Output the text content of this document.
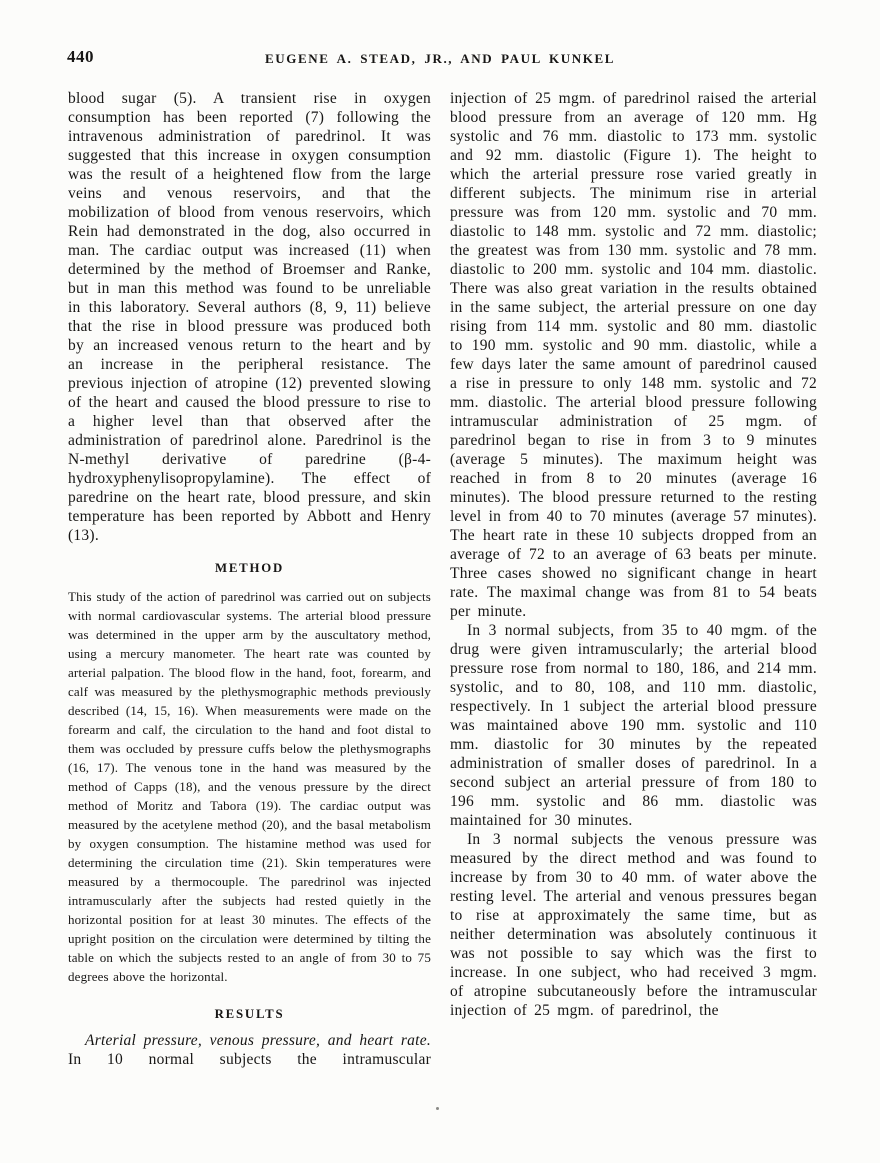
440	EUGENE A. STEAD, JR., AND PAUL KUNKEL

blood sugar (5). A transient rise in oxygen consumption has been reported (7) following the intravenous administration of paredrinol. It was suggested that this increase in oxygen consumption was the result of a heightened flow from the large veins and venous reservoirs, and that the mobilization of blood from venous reservoirs, which Rein had demonstrated in the dog, also occurred in man. The cardiac output was increased (11) when determined by the method of Broemser and Ranke, but in man this method was found to be unreliable in this laboratory. Several authors (8, 9, 11) believe that the rise in blood pressure was produced both by an increased venous return to the heart and by an increase in the peripheral resistance. The previous injection of atropine (12) prevented slowing of the heart and caused the blood pressure to rise to a higher level than that observed after the administration of paredrinol alone. Paredrinol is the N-methyl derivative of paredrine (β-4-hydroxyphenylisopropylamine). The effect of paredrine on the heart rate, blood pressure, and skin temperature has been reported by Abbott and Henry (13).

METHOD

This study of the action of paredrinol was carried out on subjects with normal cardiovascular systems. The arterial blood pressure was determined in the upper arm by the auscultatory method, using a mercury manometer. The heart rate was counted by arterial palpation. The blood flow in the hand, foot, forearm, and calf was measured by the plethysmographic methods previously described (14, 15, 16). When measurements were made on the forearm and calf, the circulation to the hand and foot distal to them was occluded by pressure cuffs below the plethysmographs (16, 17). The venous tone in the hand was measured by the method of Capps (18), and the venous pressure by the direct method of Moritz and Tabora (19). The cardiac output was measured by the acetylene method (20), and the basal metabolism by oxygen consumption. The histamine method was used for determining the circulation time (21). Skin temperatures were measured by a thermocouple. The paredrinol was injected intramuscularly after the subjects had rested quietly in the horizontal position for at least 30 minutes. The effects of the upright position on the circulation were determined by tilting the table on which the subjects rested to an angle of from 30 to 75 degrees above the horizontal.

RESULTS

Arterial pressure, venous pressure, and heart rate. In 10 normal subjects the intramuscular

injection of 25 mgm. of paredrinol raised the arterial blood pressure from an average of 120 mm. Hg systolic and 76 mm. diastolic to 173 mm. systolic and 92 mm. diastolic (Figure 1). The height to which the arterial pressure rose varied greatly in different subjects. The minimum rise in arterial pressure was from 120 mm. systolic and 70 mm. diastolic to 148 mm. systolic and 72 mm. diastolic; the greatest was from 130 mm. systolic and 78 mm. diastolic to 200 mm. systolic and 104 mm. diastolic. There was also great variation in the results obtained in the same subject, the arterial pressure on one day rising from 114 mm. systolic and 80 mm. diastolic to 190 mm. systolic and 90 mm. diastolic, while a few days later the same amount of paredrinol caused a rise in pressure to only 148 mm. systolic and 72 mm. diastolic. The arterial blood pressure following intramuscular administration of 25 mgm. of paredrinol began to rise in from 3 to 9 minutes (average 5 minutes). The maximum height was reached in from 8 to 20 minutes (average 16 minutes). The blood pressure returned to the resting level in from 40 to 70 minutes (average 57 minutes). The heart rate in these 10 subjects dropped from an average of 72 to an average of 63 beats per minute. Three cases showed no significant change in heart rate. The maximal change was from 81 to 54 beats per minute.

In 3 normal subjects, from 35 to 40 mgm. of the drug were given intramuscularly; the arterial blood pressure rose from normal to 180, 186, and 214 mm. systolic, and to 80, 108, and 110 mm. diastolic, respectively. In 1 subject the arterial blood pressure was maintained above 190 mm. systolic and 110 mm. diastolic for 30 minutes by the repeated administration of smaller doses of paredrinol. In a second subject an arterial pressure of from 180 to 196 mm. systolic and 86 mm. diastolic was maintained for 30 minutes.

In 3 normal subjects the venous pressure was measured by the direct method and was found to increase by from 30 to 40 mm. of water above the resting level. The arterial and venous pressures began to rise at approximately the same time, but as neither determination was absolutely continuous it was not possible to say which was the first to increase. In one subject, who had received 3 mgm. of atropine subcutaneously before the intramuscular injection of 25 mgm. of paredrinol, the
